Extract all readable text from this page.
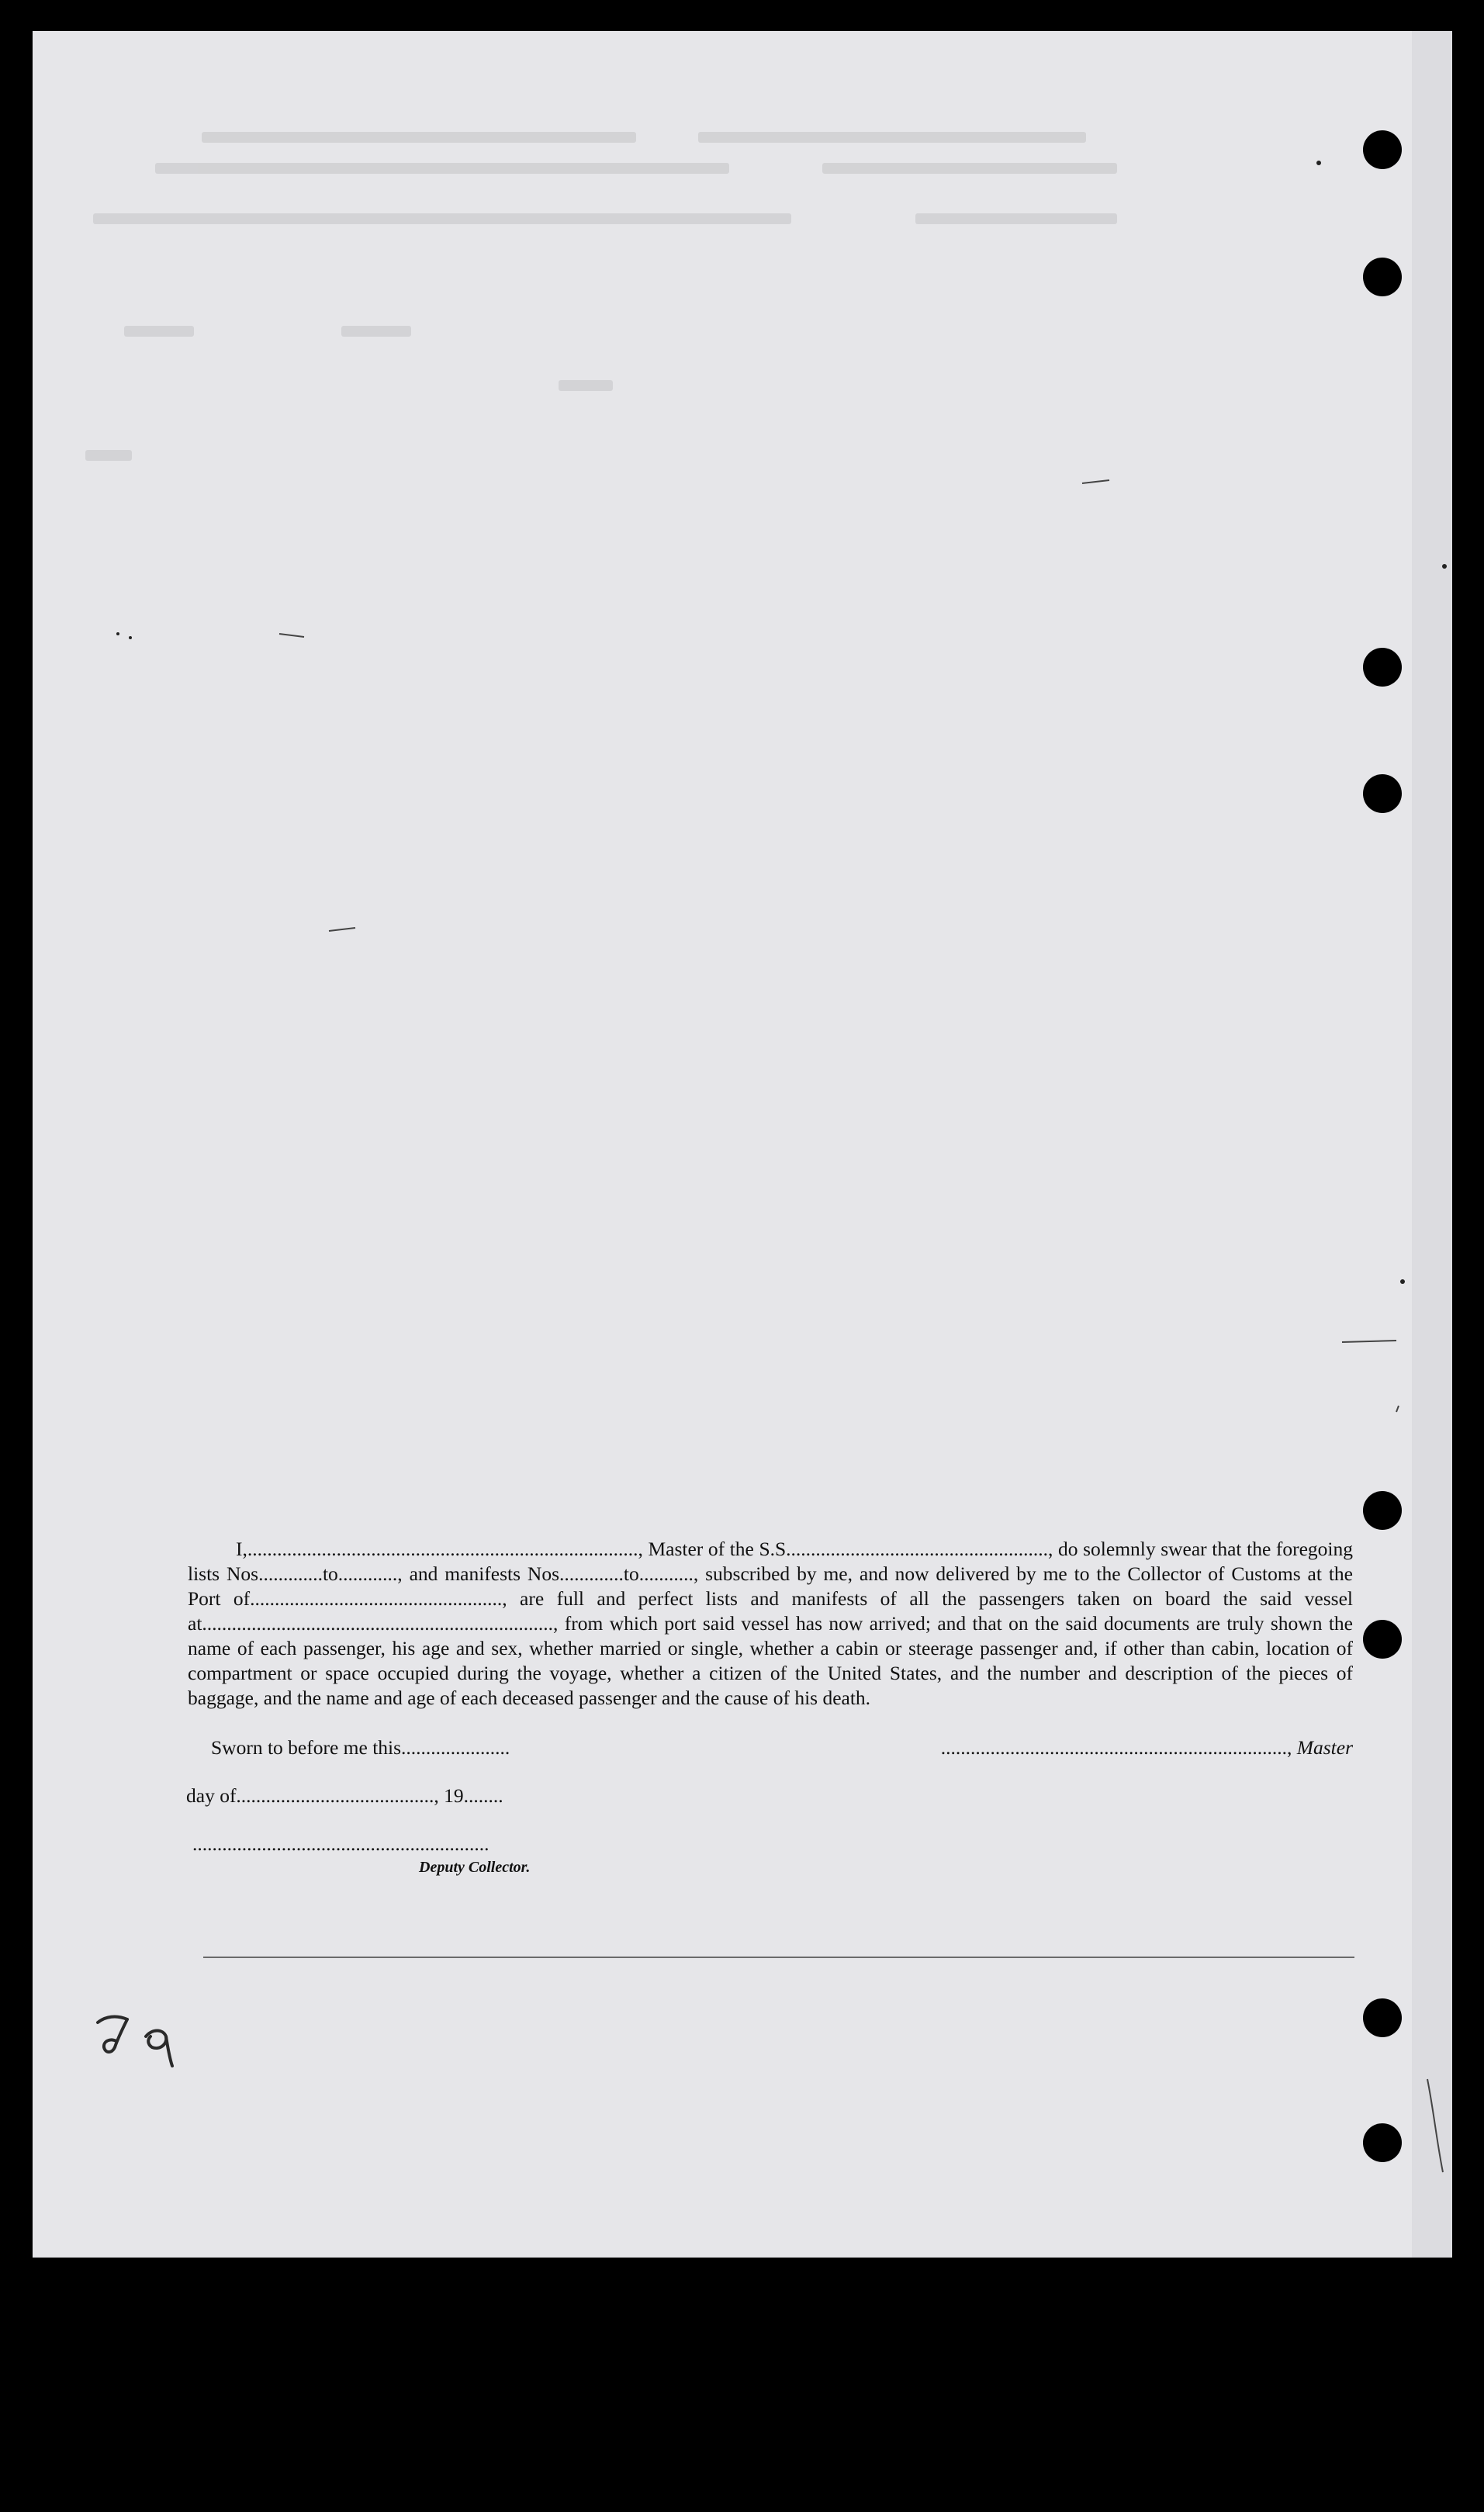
I,..............................................................................., Master of the S.S....................................................., do solemnly swear that the foregoing lists Nos.............to............, and manifests Nos.............to..........., subscribed by me, and now delivered by me to the Collector of Customs at the Port of..................................................., are full and perfect lists and manifests of all the passengers taken on board the said vessel at......................................................................., from which port said vessel has now arrived; and that on the said documents are truly shown the name of each passenger, his age and sex, whether married or single, whether a cabin or steerage passenger and, if other than cabin, location of compartment or space occupied during the voyage, whether a citizen of the United States, and the number and description of the pieces of baggage, and the name and age of each deceased passenger and the cause of his death.

Sworn to before me this......................	......................................................................, Master
day of........................................, 19........
............................................................
Deputy Collector.
